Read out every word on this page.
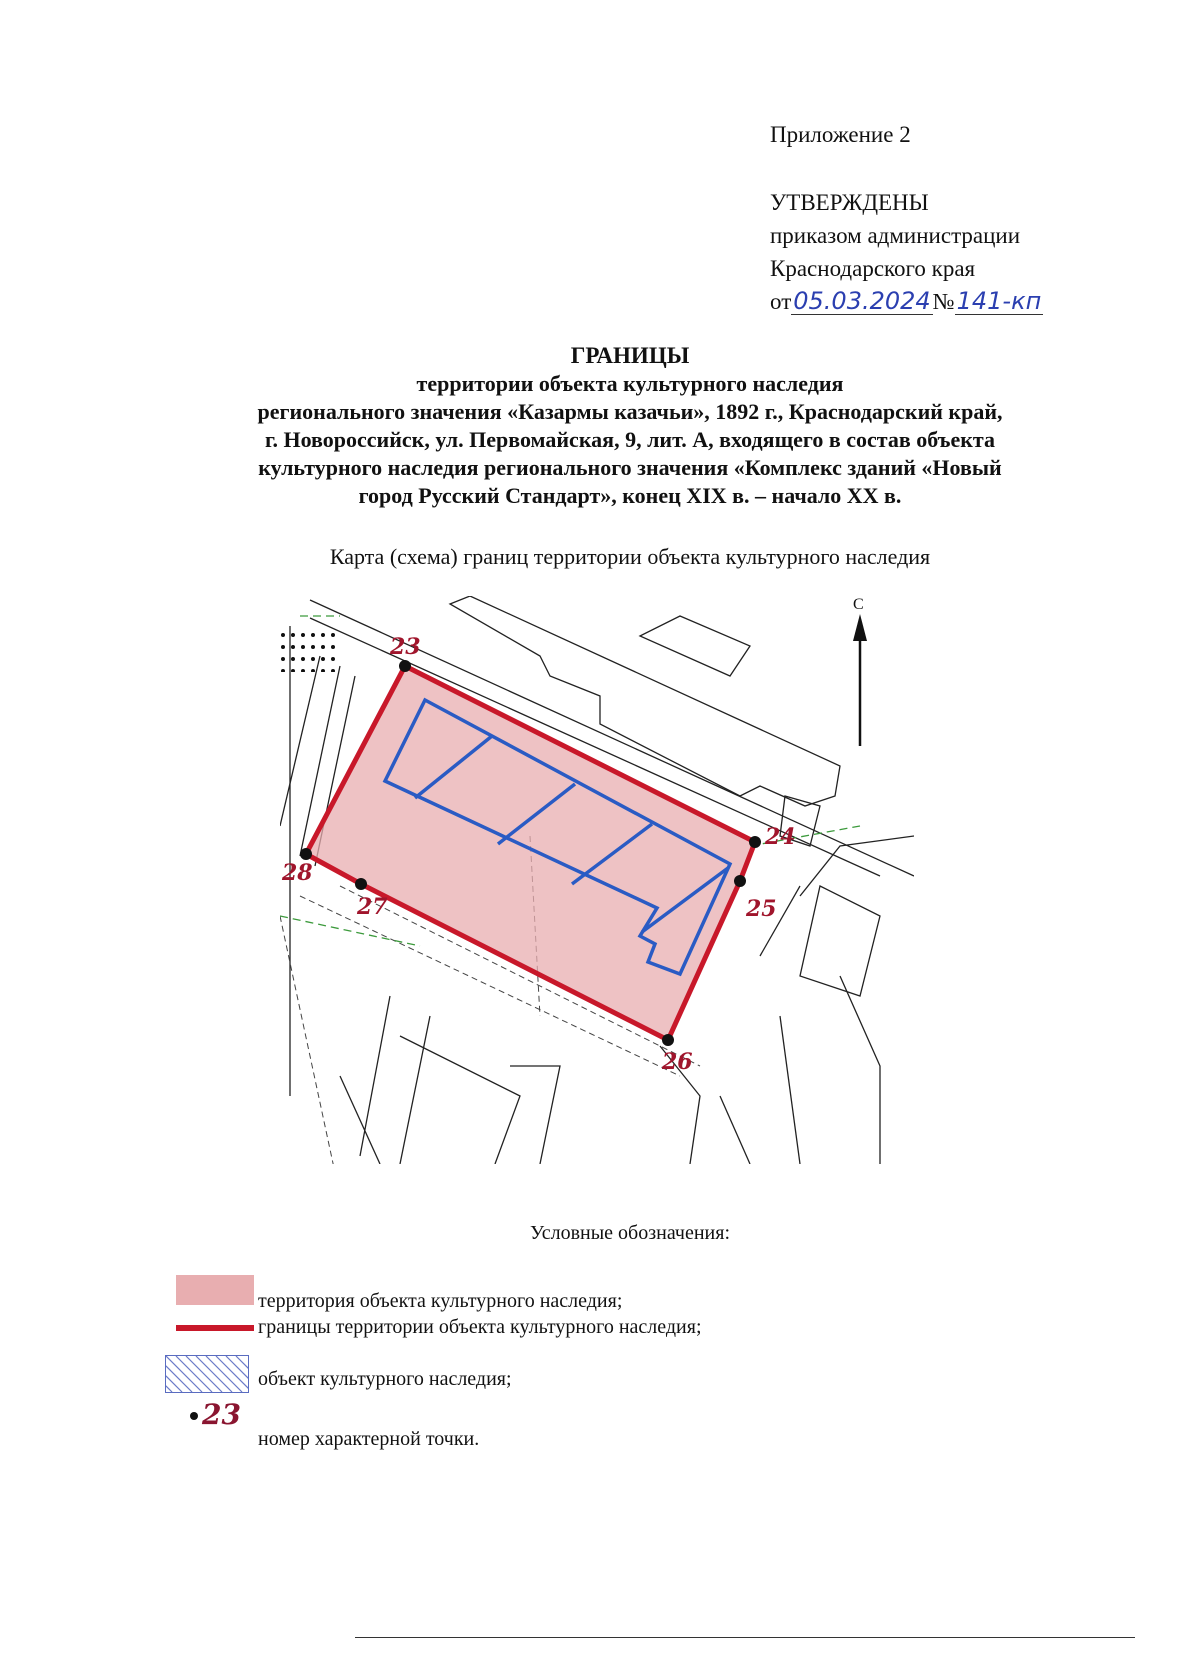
Приложение 2
УТВЕРЖДЕНЫ
приказом администрации
Краснодарского края
от05.03.2024№141-кп
ГРАНИЦЫ
территории объекта культурного наследия
регионального значения «Казармы казачьи», 1892 г., Краснодарский край,
г. Новороссийск, ул. Первомайская, 9, лит. А, входящего в состав объекта
культурного наследия регионального значения «Комплекс зданий «Новый
город Русский Стандарт», конец XIX в. – начало XX в.
Карта (схема) границ территории объекта культурного наследия
23
24
25
26
27
28
С
Условные обозначения:
территория объекта культурного наследия;
границы территории объекта культурного наследия;
объект культурного наследия;
23
номер характерной точки.
